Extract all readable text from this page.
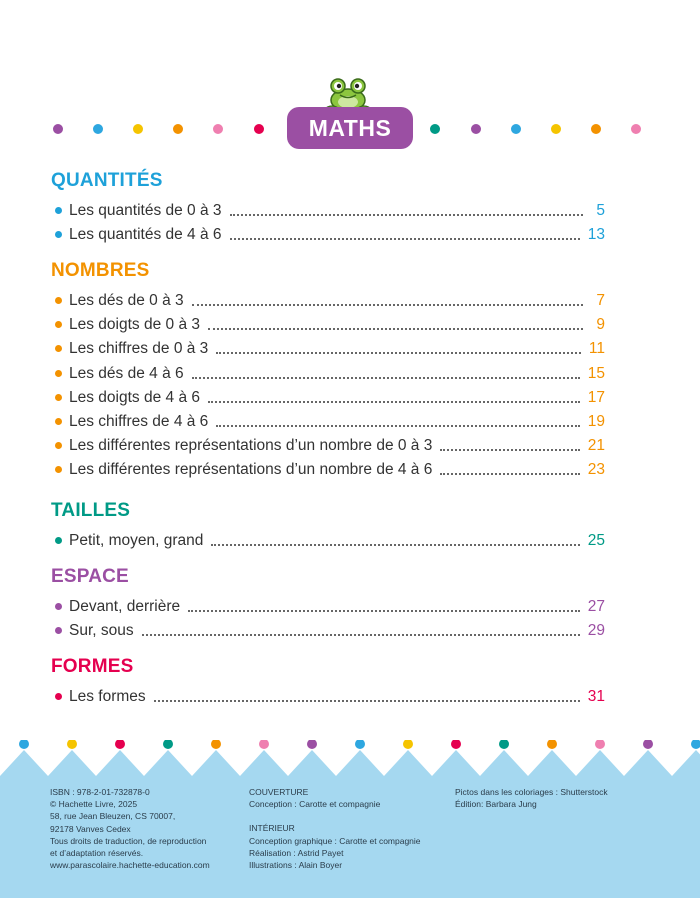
MATHS
QUANTITÉS
Les quantités de 0 à 3	5
Les quantités de 4 à 6	13
NOMBRES
Les dés de 0 à 3	7
Les doigts de 0 à 3	9
Les chiffres de 0 à 3	11
Les dés de 4 à 6	15
Les doigts de 4 à 6	17
Les chiffres de 4 à 6	19
Les différentes représentations d’un nombre de 0 à 3	21
Les différentes représentations d’un nombre de 4 à 6	23
TAILLES
Petit, moyen, grand	25
ESPACE
Devant, derrière	27
Sur, sous	29
FORMES
Les formes	31
ISBN : 978-2-01-732878-0
© Hachette Livre, 2025
58, rue Jean Bleuzen, CS 70007,
92178 Vanves Cedex
Tous droits de traduction, de reproduction
et d’adaptation réservés.
www.parascolaire.hachette-education.com
COUVERTURE
Conception : Carotte et compagnie
INTÉRIEUR
Conception graphique : Carotte et compagnie
Réalisation : Astrid Payet
Illustrations : Alain Boyer
Pictos dans les coloriages : Shutterstock
Édition: Barbara Jung
